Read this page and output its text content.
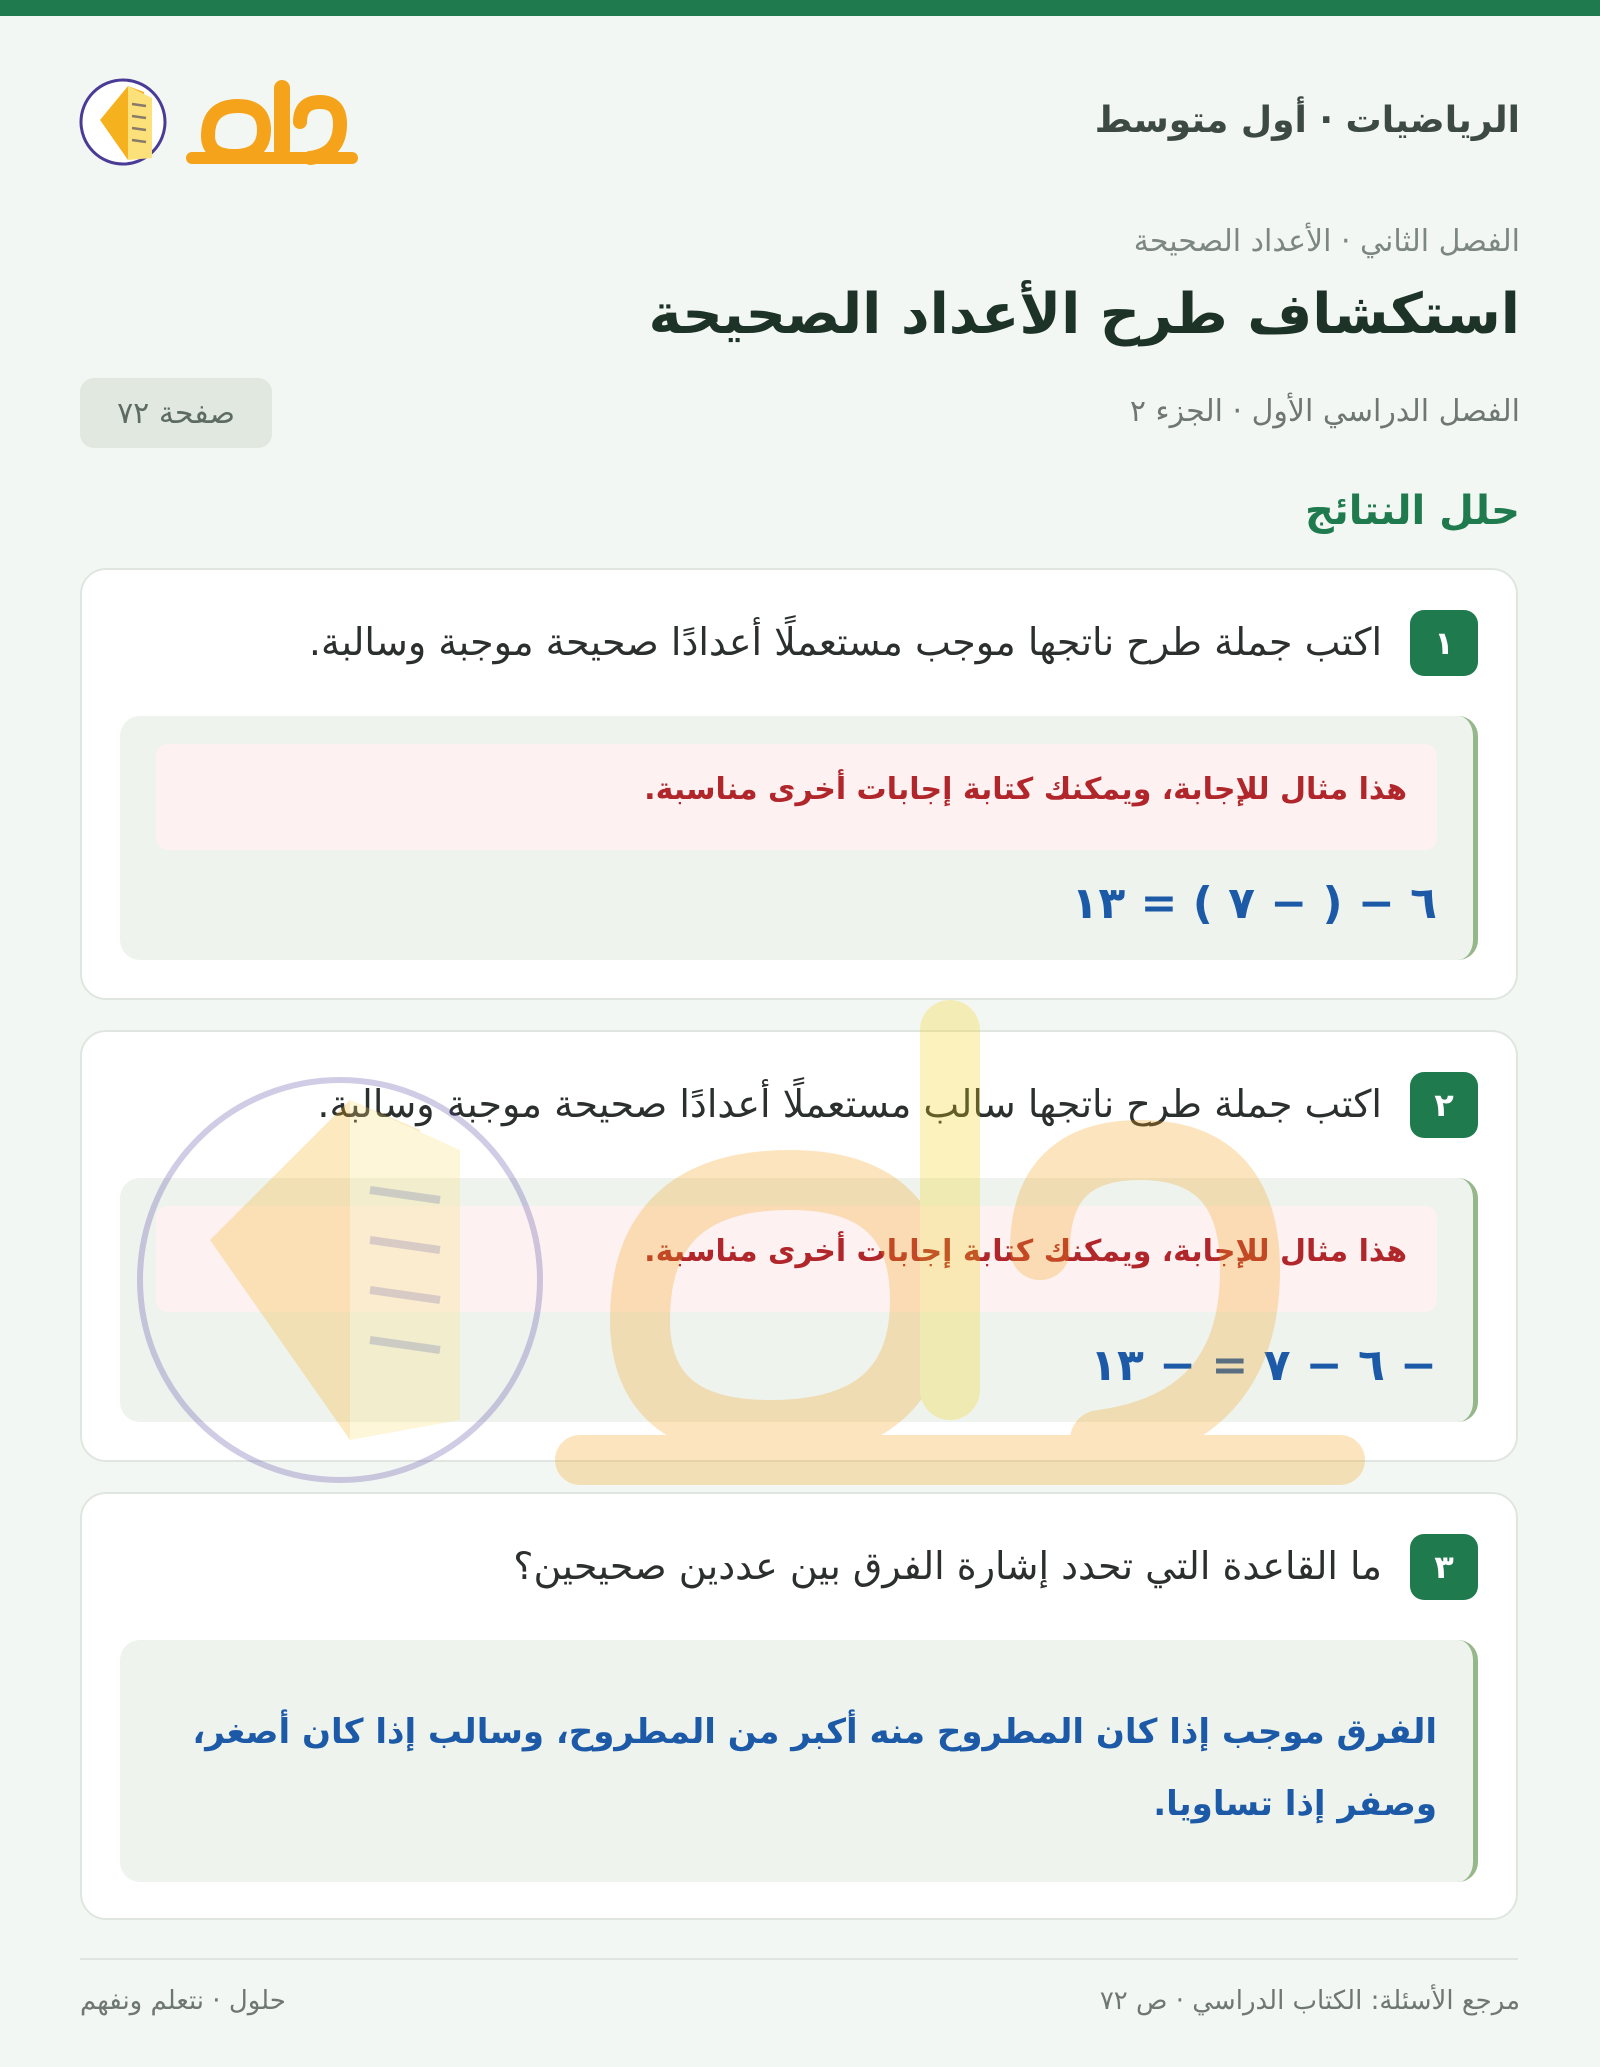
الرياضيات · أول متوسط
الفصل الثاني · الأعداد الصحيحة
استكشاف طرح الأعداد الصحيحة
الفصل الدراسي الأول · الجزء ٢
صفحة ٧٢
حلل النتائج
١
اكتب جملة طرح ناتجها موجب مستعملًا أعدادًا صحيحة موجبة وسالبة.
هذا مثال للإجابة، ويمكنك كتابة إجابات أخرى مناسبة.
٦ − ( − ٧ ) = ١٣
٢
اكتب جملة طرح ناتجها سالب مستعملًا أعدادًا صحيحة موجبة وسالبة.
هذا مثال للإجابة، ويمكنك كتابة إجابات أخرى مناسبة.
− ٦ − ٧ = − ١٣
٣
ما القاعدة التي تحدد إشارة الفرق بين عددين صحيحين؟
الفرق موجب إذا كان المطروح منه أكبر من المطروح، وسالب إذا كان أصغر، وصفر إذا تساويا.
مرجع الأسئلة: الكتاب الدراسي · ص ٧٢
حلول · نتعلم ونفهم
